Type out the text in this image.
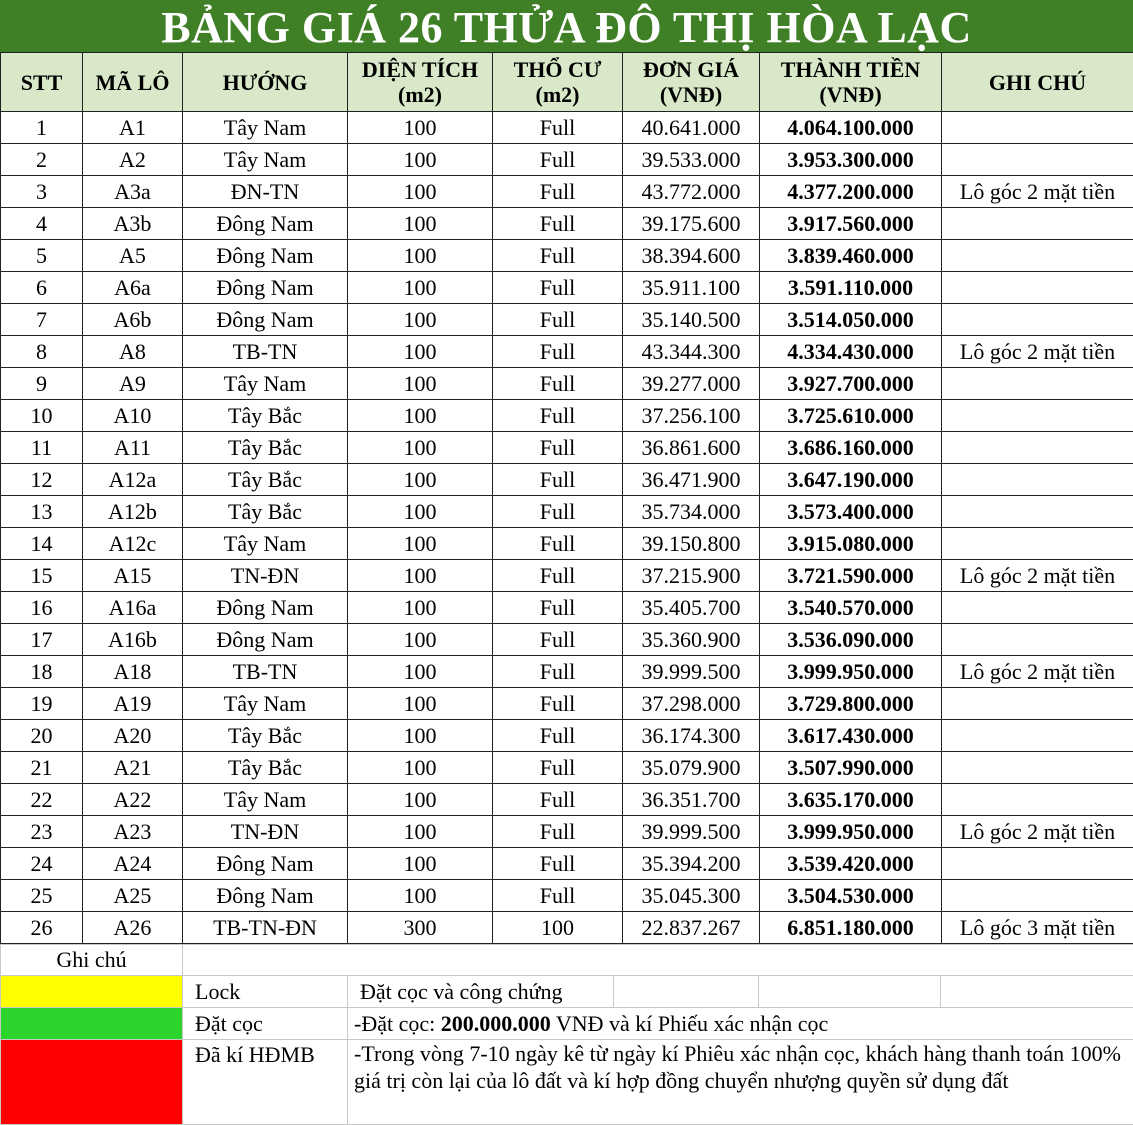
BẢNG GIÁ 26 THỬA ĐÔ THỊ HÒA LẠC
STT	MÃ LÔ	HƯỚNG	DIỆN TÍCH (m2)	THỔ CƯ (m2)	ĐƠN GIÁ (VNĐ)	THÀNH TIỀN (VNĐ)	GHI CHÚ
1	A1	Tây Nam	100	Full	40.641.000	4.064.100.000	
2	A2	Tây Nam	100	Full	39.533.000	3.953.300.000	
3	A3a	ĐN-TN	100	Full	43.772.000	4.377.200.000	Lô góc 2 mặt tiền
4	A3b	Đông Nam	100	Full	39.175.600	3.917.560.000	
5	A5	Đông Nam	100	Full	38.394.600	3.839.460.000	
6	A6a	Đông Nam	100	Full	35.911.100	3.591.110.000	
7	A6b	Đông Nam	100	Full	35.140.500	3.514.050.000	
8	A8	TB-TN	100	Full	43.344.300	4.334.430.000	Lô góc 2 mặt tiền
9	A9	Tây Nam	100	Full	39.277.000	3.927.700.000	
10	A10	Tây Bắc	100	Full	37.256.100	3.725.610.000	
11	A11	Tây Bắc	100	Full	36.861.600	3.686.160.000	
12	A12a	Tây Bắc	100	Full	36.471.900	3.647.190.000	
13	A12b	Tây Bắc	100	Full	35.734.000	3.573.400.000	
14	A12c	Tây Nam	100	Full	39.150.800	3.915.080.000	
15	A15	TN-ĐN	100	Full	37.215.900	3.721.590.000	Lô góc 2 mặt tiền
16	A16a	Đông Nam	100	Full	35.405.700	3.540.570.000	
17	A16b	Đông Nam	100	Full	35.360.900	3.536.090.000	
18	A18	TB-TN	100	Full	39.999.500	3.999.950.000	Lô góc 2 mặt tiền
19	A19	Tây Nam	100	Full	37.298.000	3.729.800.000	
20	A20	Tây Bắc	100	Full	36.174.300	3.617.430.000	
21	A21	Tây Bắc	100	Full	35.079.900	3.507.990.000	
22	A22	Tây Nam	100	Full	36.351.700	3.635.170.000	
23	A23	TN-ĐN	100	Full	39.999.500	3.999.950.000	Lô góc 2 mặt tiền
24	A24	Đông Nam	100	Full	35.394.200	3.539.420.000	
25	A25	Đông Nam	100	Full	35.045.300	3.504.530.000	
26	A26	TB-TN-ĐN	300	100	22.837.267	6.851.180.000	Lô góc 3 mặt tiền
Ghi chú					
	Lock	Đặt cọc và công chứng			
	Đặt cọc	-Đặt cọc: 200.000.000 VNĐ và kí Phiếu xác nhận cọc			

	Đã kí HĐMB	-Trong vòng 7-10 ngày kê từ ngày kí Phiêu xác nhận cọc, khách hàng thanh toán 100% giá trị còn lại của lô đất và kí hợp đồng chuyển nhượng quyền sử dụng đất			
